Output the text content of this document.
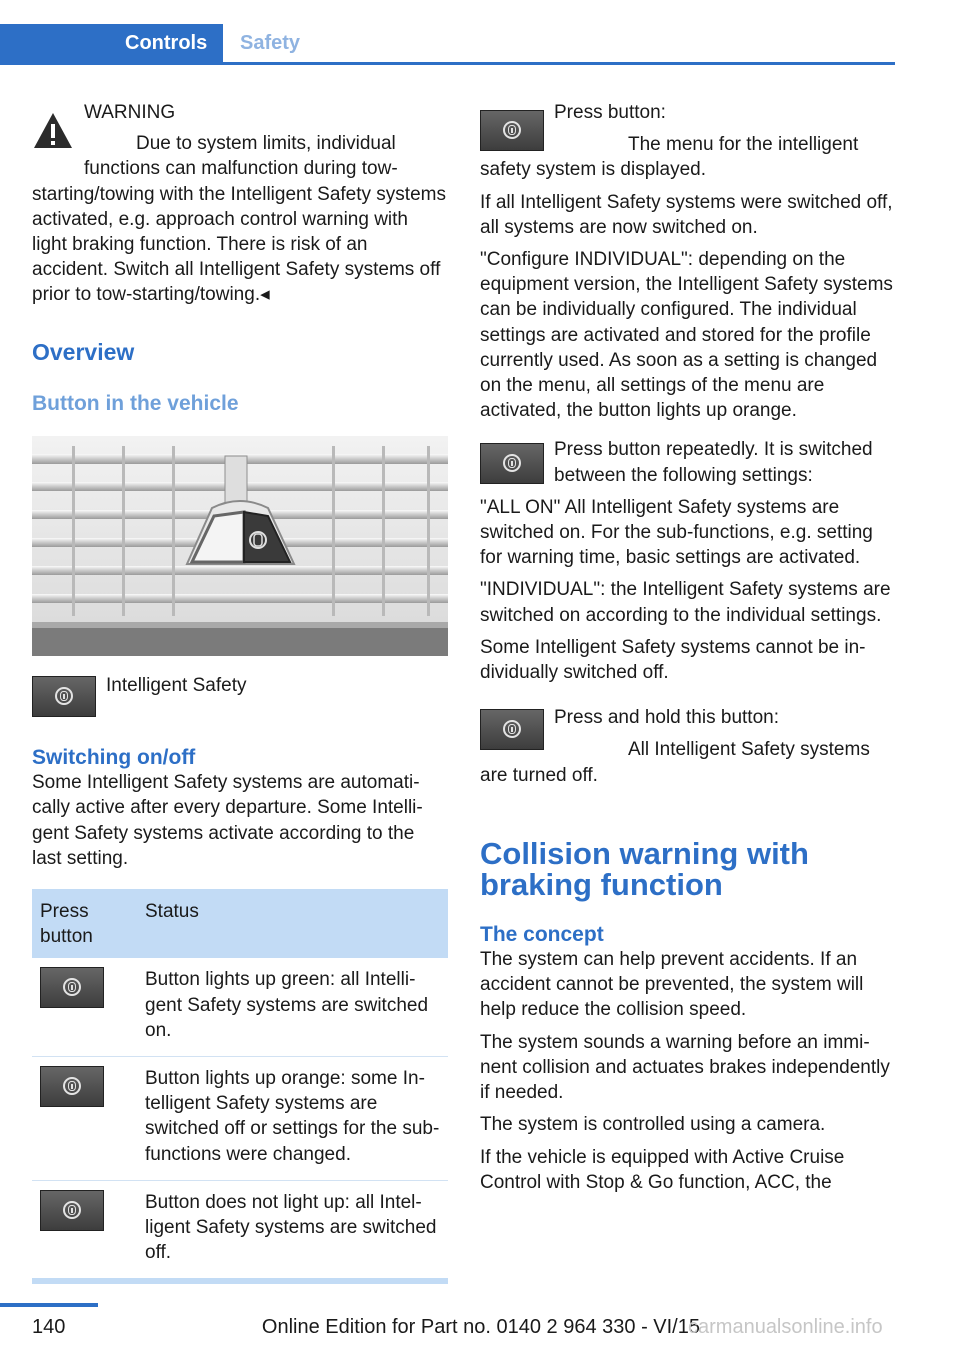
Controls Safety

WARNING

Due to system limits, individual functions can malfunction during tow-starting/towing with the Intelligent Safety systems activated, e.g. approach control warning with light braking function. There is risk of an accident. Switch all Intelligent Safety systems off prior to tow-starting/towing.◂

Overview
Button in the vehicle

Intelligent Safety

Switching on/off

Some Intelligent Safety systems are automatically active after every departure. Some Intelligent Safety systems activate according to the last setting.

Press button	Status

	Button lights up green: all Intelligent Safety systems are switched on.

	Button lights up orange: some Intelligent Safety systems are switched off or settings for the sub-functions were changed.

	Button does not light up: all Intelligent Safety systems are switched off.

Press button:

The menu for the intelligent safety system is displayed.

If all Intelligent Safety systems were switched off, all systems are now switched on.

"Configure INDIVIDUAL": depending on the equipment version, the Intelligent Safety systems can be individually configured. The individual settings are activated and stored for the profile currently used. As soon as a setting is changed on the menu, all settings of the menu are activated, the button lights up orange.

Press button repeatedly. It is switched between the following settings:

"ALL ON" All Intelligent Safety systems are switched on. For the sub-functions, e.g. setting for warning time, basic settings are activated.

"INDIVIDUAL": the Intelligent Safety systems are switched on according to the individual settings.

Some Intelligent Safety systems cannot be individually switched off.

Press and hold this button:

All Intelligent Safety systems are turned off.

Collision warning with braking function
The concept

The system can help prevent accidents. If an accident cannot be prevented, the system will help reduce the collision speed.

The system sounds a warning before an imminent collision and actuates brakes independently if needed.

The system is controlled using a camera.

If the vehicle is equipped with Active Cruise Control with Stop & Go function, ACC, the

140	Online Edition for Part no. 0140 2 964 330 - VI/15
carmanualsonline.info
